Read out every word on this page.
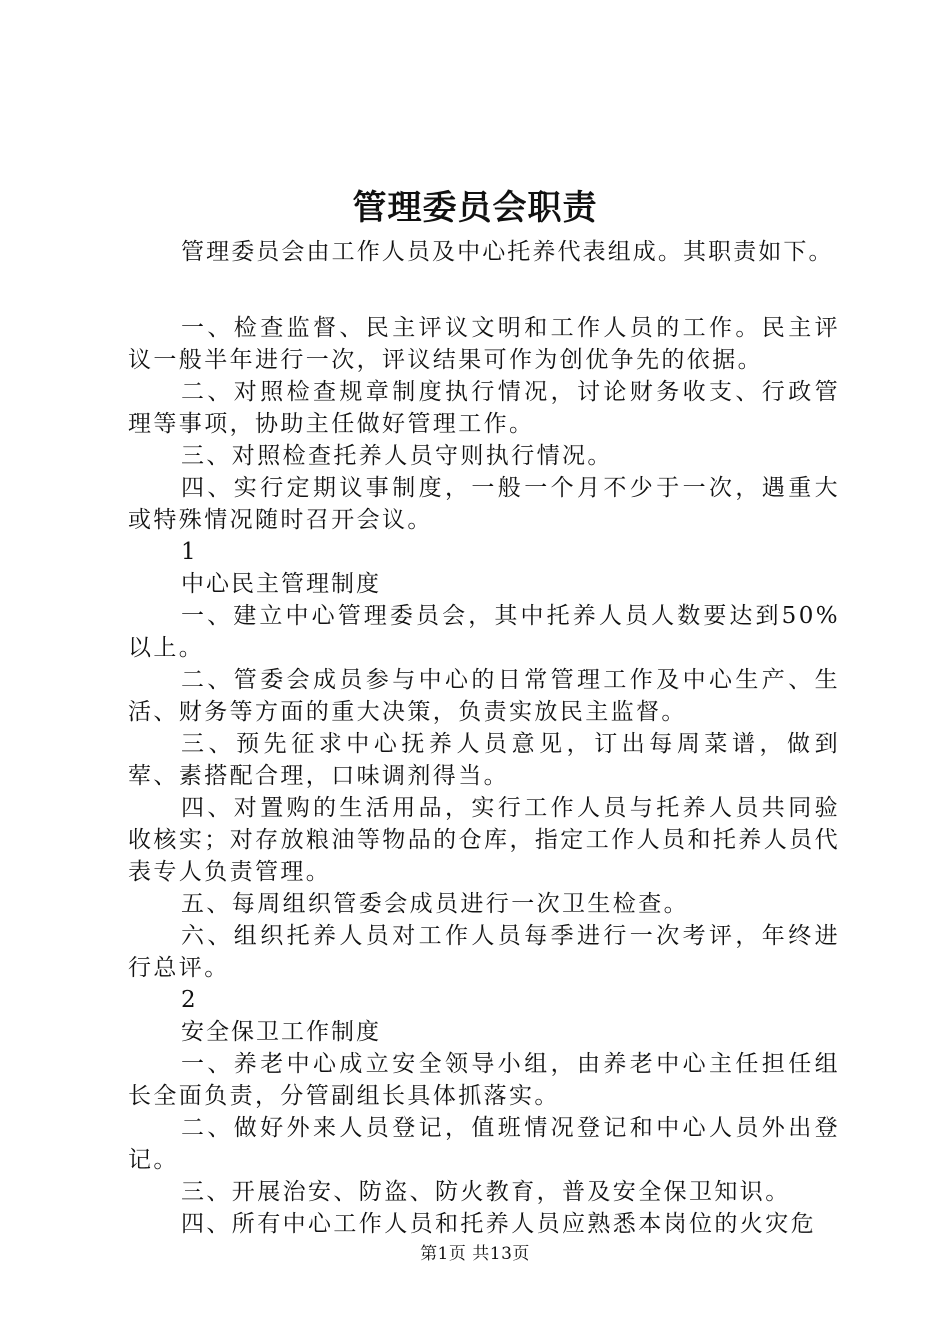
管理委员会职责

管理委员会由工作人员及中心托养代表组成。其职责如下。

一、检查监督、民主评议文明和工作人员的工作。民主评议一般半年进行一次，评议结果可作为创优争先的依据。

二、对照检查规章制度执行情况，讨论财务收支、行政管理等事项，协助主任做好管理工作。

三、对照检查托养人员守则执行情况。

四、实行定期议事制度，一般一个月不少于一次，遇重大或特殊情况随时召开会议。

1

中心民主管理制度

一、建立中心管理委员会，其中托养人员人数要达到50%以上。

二、管委会成员参与中心的日常管理工作及中心生产、生活、财务等方面的重大决策，负责实放民主监督。

三、预先征求中心抚养人员意见，订出每周菜谱，做到荤、素搭配合理，口味调剂得当。

四、对置购的生活用品，实行工作人员与托养人员共同验收核实；对存放粮油等物品的仓库，指定工作人员和托养人员代表专人负责管理。

五、每周组织管委会成员进行一次卫生检查。

六、组织托养人员对工作人员每季进行一次考评，年终进行总评。

2

安全保卫工作制度

一、养老中心成立安全领导小组，由养老中心主任担任组长全面负责，分管副组长具体抓落实。

二、做好外来人员登记，值班情况登记和中心人员外出登记。

三、开展治安、防盗、防火教育，普及安全保卫知识。

四、所有中心工作人员和托养人员应熟悉本岗位的火灾危

第1页 共13页
